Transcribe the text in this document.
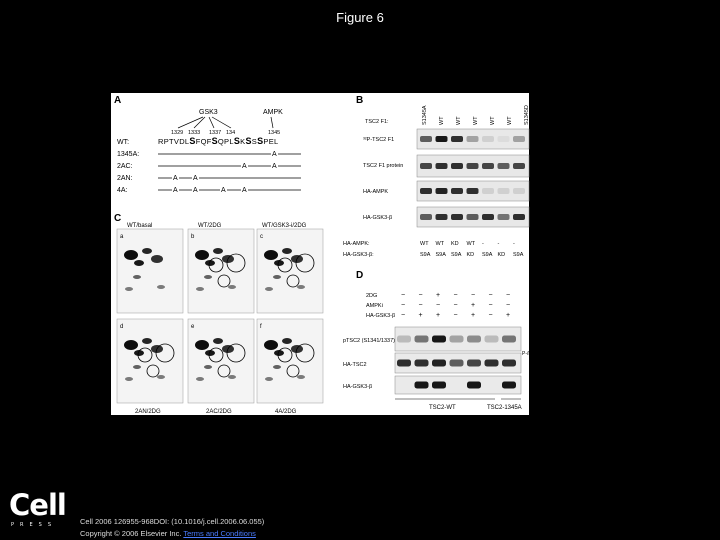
Figure 6
A	B
C
D
GSK3	AMPK
1329 1333 1337 134	1345
WT:	RPTVDLSFQFSQPLSKSSSPEL
1345A:	A
2AC:	A	A
2AN:	A A
4A:	A A	A A
S1345A WT WT WT WT WT S1345D
TSC2 F1:
³²P-TSC2 F1
TSC2 F1 protein
HA-AMPK
HA-GSK3-β
HA-AMPK:	WT WT KD WT - - -
HA-GSK3-β:	S9A S9A S9A KD S9A KD S9A
WT/basal	WT/2DG	WT/GSK3-i/2DG
a	b	c
2AN/2DG	2AC/2DG	4A/2DG
d	e	f
2DG	− − + − − − −
AMPKi	− − − − + − −
HA-GSK3-β − + + − + − +
pTSC2 (S1341/1337)
HA-TSC2
HA-GSK3-β
P-/P
TSC2-WT	TSC2-1345A
Cell
PRESS	Cell 2006 126955-968DOI: (10.1016/j.cell.2006.06.055)
Copyright © 2006 Elsevier Inc. Terms and Conditions
